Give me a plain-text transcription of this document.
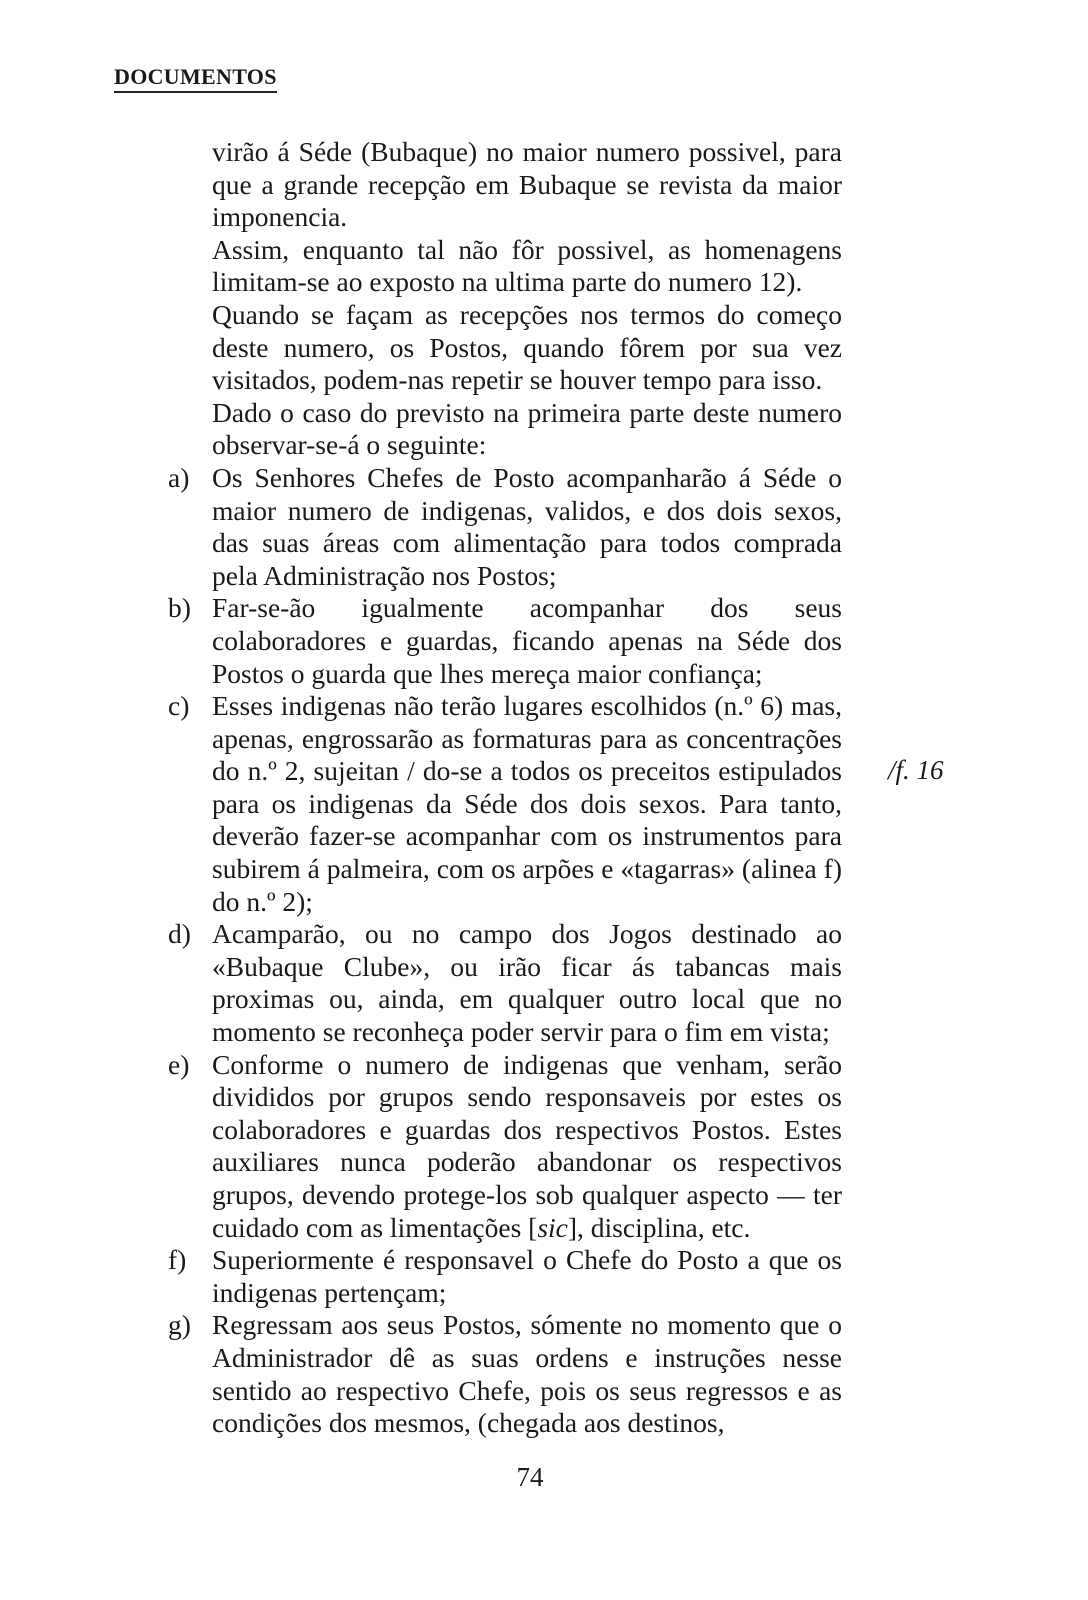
DOCUMENTOS

virão á Séde (Bubaque) no maior numero possivel, para que a grande recepção em Bubaque se revista da maior imponencia.

Assim, enquanto tal não fôr possivel, as homenagens limitam-se ao exposto na ultima parte do numero 12).

Quando se façam as recepções nos termos do começo deste numero, os Postos, quando fôrem por sua vez visitados, podem-nas repetir se houver tempo para isso.

Dado o caso do previsto na primeira parte deste numero observar-se-á o seguinte:

a) Os Senhores Chefes de Posto acompanharão á Séde o maior numero de indigenas, validos, e dos dois sexos, das suas áreas com alimentação para todos comprada pela Administração nos Postos;
b) Far-se-ão igualmente acompanhar dos seus colaboradores e guardas, ficando apenas na Séde dos Postos o guarda que lhes mereça maior confiança;
c) Esses indigenas não terão lugares escolhidos (n.º 6) mas, apenas, engrossarão as formaturas para as concentrações do n.º 2, sujeitan / do-se a todos os preceitos estipulados para os indigenas da Séde dos dois sexos. Para tanto, deverão fazer-se acompanhar com os instrumentos para subirem á palmeira, com os arpões e «tagarras» (alinea f) do n.º 2);
d) Acamparão, ou no campo dos Jogos destinado ao «Bubaque Clube», ou irão ficar ás tabancas mais proximas ou, ainda, em qualquer outro local que no momento se reconheça poder servir para o fim em vista;
e) Conforme o numero de indigenas que venham, serão divididos por grupos sendo responsaveis por estes os colaboradores e guardas dos respectivos Postos. Estes auxiliares nunca poderão abandonar os respectivos grupos, devendo protege-los sob qualquer aspecto — ter cuidado com as limentações [sic], disciplina, etc.
f) Superiormente é responsavel o Chefe do Posto a que os indigenas pertençam;
g) Regressam aos seus Postos, sómente no momento que o Administrador dê as suas ordens e instruções nesse sentido ao respectivo Chefe, pois os seus regressos e as condições dos mesmos, (chegada aos destinos,
/f. 16
74
